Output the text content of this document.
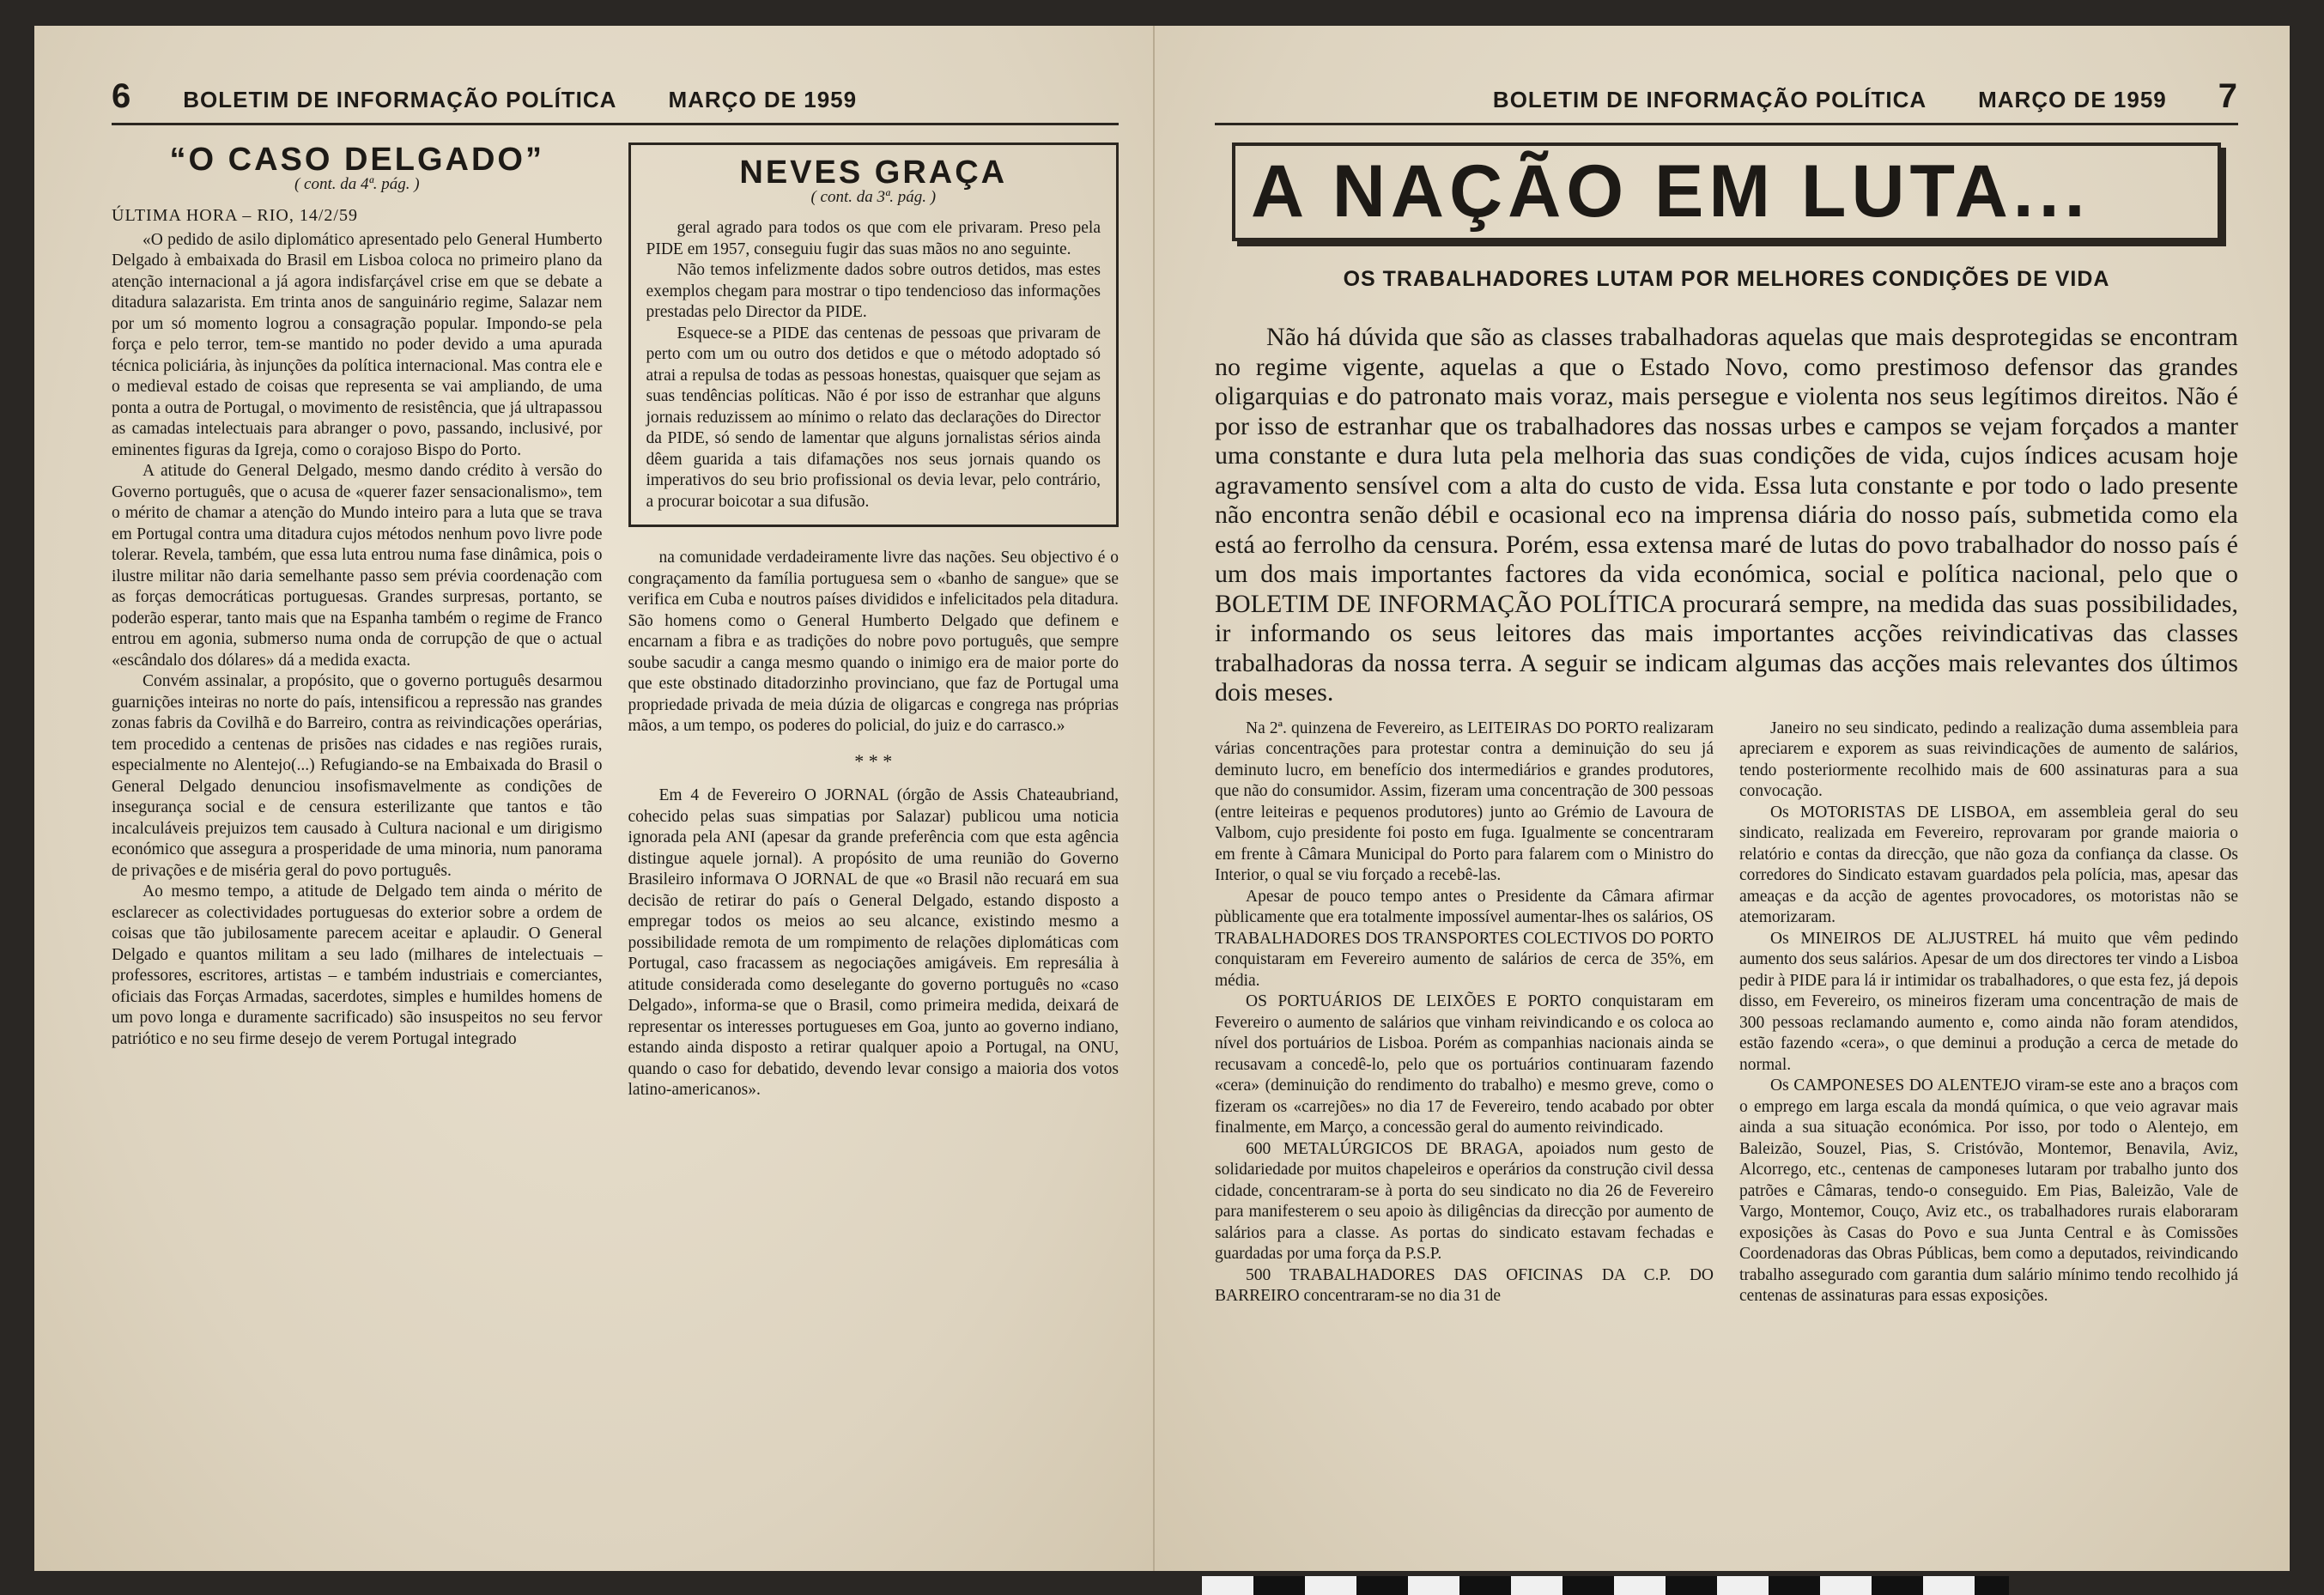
6 BOLETIM DE INFORMAÇÃO POLÍTICA MARÇO DE 1959
“O CASO DELGADO”
( cont. da 4ª. pág. )
ÚLTIMA HORA – RIO, 14/2/59

«O pedido de asilo diplomático apresentado pelo General Humberto Delgado à embaixada do Brasil em Lisboa coloca no primeiro plano da atenção internacional a já agora indisfarçável crise em que se debate a ditadura salazarista. Em trinta anos de sanguinário regime, Salazar nem por um só momento logrou a consagração popular. Impondo-se pela força e pelo terror, tem-se mantido no poder devido a uma apurada técnica policiária, às injunções da política internacional. Mas contra ele e o medieval estado de coisas que representa se vai ampliando, de uma ponta a outra de Portugal, o movimento de resistência, que já ultrapassou as camadas intelectuais para abranger o povo, passando, inclusivé, por eminentes figuras da Igreja, como o corajoso Bispo do Porto.

A atitude do General Delgado, mesmo dando crédito à versão do Governo português, que o acusa de «querer fazer sensacionalismo», tem o mérito de chamar a atenção do Mundo inteiro para a luta que se trava em Portugal contra uma ditadura cujos métodos nenhum povo livre pode tolerar. Revela, também, que essa luta entrou numa fase dinâmica, pois o ilustre militar não daria semelhante passo sem prévia coordenação com as forças democráticas portuguesas. Grandes surpresas, portanto, se poderão esperar, tanto mais que na Espanha também o regime de Franco entrou em agonia, submerso numa onda de corrupção de que o actual «escândalo dos dólares» dá a medida exacta.

Convém assinalar, a propósito, que o governo português desarmou guarnições inteiras no norte do país, intensificou a repressão nas grandes zonas fabris da Covilhã e do Barreiro, contra as reivindicações operárias, tem procedido a centenas de prisões nas cidades e nas regiões rurais, especialmente no Alentejo(...) Refugiando-se na Embaixada do Brasil o General Delgado denunciou insofismavelmente as condições de insegurança social e de censura esterilizante que tantos e tão incalculáveis prejuizos tem causado à Cultura nacional e um dirigismo económico que assegura a prosperidade de uma minoria, num panorama de privações e de miséria geral do povo português.

Ao mesmo tempo, a atitude de Delgado tem ainda o mérito de esclarecer as colectividades portuguesas do exterior sobre a ordem de coisas que tão jubilosamente parecem aceitar e aplaudir. O General Delgado e quantos militam a seu lado (milhares de intelectuais – professores, escritores, artistas – e também industriais e comerciantes, oficiais das Forças Armadas, sacerdotes, simples e humildes homens de um povo longa e duramente sacrificado) são insuspeitos no seu fervor patriótico e no seu firme desejo de verem Portugal integrado

NEVES GRAÇA
( cont. da 3ª. pág. )

geral agrado para todos os que com ele privaram. Preso pela PIDE em 1957, conseguiu fugir das suas mãos no ano seguinte.

Não temos infelizmente dados sobre outros detidos, mas estes exemplos chegam para mostrar o tipo tendencioso das informações prestadas pelo Director da PIDE.

Esquece-se a PIDE das centenas de pessoas que privaram de perto com um ou outro dos detidos e que o método adoptado só atrai a repulsa de todas as pessoas honestas, quaisquer que sejam as suas tendências políticas. Não é por isso de estranhar que alguns jornais reduzissem ao mínimo o relato das declarações do Director da PIDE, só sendo de lamentar que alguns jornalistas sérios ainda dêem guarida a tais difamações nos seus jornais quando os imperativos do seu brio profissional os devia levar, pelo contrário, a procurar boicotar a sua difusão.

na comunidade verdadeiramente livre das nações. Seu objectivo é o congraçamento da família portuguesa sem o «banho de sangue» que se verifica em Cuba e noutros países divididos e infelicitados pela ditadura. São homens como o General Humberto Delgado que definem e encarnam a fibra e as tradições do nobre povo português, que sempre soube sacudir a canga mesmo quando o inimigo era de maior porte do que este obstinado ditadorzinho provinciano, que faz de Portugal uma propriedade privada de meia dúzia de oligarcas e congrega nas próprias mãos, a um tempo, os poderes do policial, do juiz e do carrasco.»

* * *

Em 4 de Fevereiro O JORNAL (órgão de Assis Chateaubriand, cohecido pelas suas simpatias por Salazar) publicou uma noticia ignorada pela ANI (apesar da grande preferência com que esta agência distingue aquele jornal). A propósito de uma reunião do Governo Brasileiro informava O JORNAL de que «o Brasil não recuará em sua decisão de retirar do país o General Delgado, estando disposto a empregar todos os meios ao seu alcance, existindo mesmo a possibilidade remota de um rompimento de relações diplomáticas com Portugal, caso fracassem as negociações amigáveis. Em represália à atitude considerada como deselegante do governo português no «caso Delgado», informa-se que o Brasil, como primeira medida, deixará de representar os interesses portugueses em Goa, junto ao governo indiano, estando ainda disposto a retirar qualquer apoio a Portugal, na ONU, quando o caso for debatido, devendo levar consigo a maioria dos votos latino-americanos».

BOLETIM DE INFORMAÇÃO POLÍTICA MARÇO DE 1959 7
A NAÇÃO EM LUTA...
OS TRABALHADORES LUTAM POR MELHORES CONDIÇÕES DE VIDA

Não há dúvida que são as classes trabalhadoras aquelas que mais desprotegidas se encontram no regime vigente, aquelas a que o Estado Novo, como prestimoso defensor das grandes oligarquias e do patronato mais voraz, mais persegue e violenta nos seus legítimos direitos. Não é por isso de estranhar que os trabalhadores das nossas urbes e campos se vejam forçados a manter uma constante e dura luta pela melhoria das suas condições de vida, cujos índices acusam hoje agravamento sensível com a alta do custo de vida. Essa luta constante e por todo o lado presente não encontra senão débil e ocasional eco na imprensa diária do nosso país, submetida como ela está ao ferrolho da censura. Porém, essa extensa maré de lutas do povo trabalhador do nosso país é um dos mais importantes factores da vida económica, social e política nacional, pelo que o BOLETIM DE INFORMAÇÃO POLÍTICA procurará sempre, na medida das suas possibilidades, ir informando os seus leitores das mais importantes acções reivindicativas das classes trabalhadoras da nossa terra. A seguir se indicam algumas das acções mais relevantes dos últimos dois meses.

Na 2ª. quinzena de Fevereiro, as LEITEIRAS DO PORTO realizaram várias concentrações para protestar contra a deminuição do seu já deminuto lucro, em benefício dos intermediários e grandes produtores, que não do consumidor. Assim, fizeram uma concentração de 300 pessoas (entre leiteiras e pequenos produtores) junto ao Grémio de Lavoura de Valbom, cujo presidente foi posto em fuga. Igualmente se concentraram em frente à Câmara Municipal do Porto para falarem com o Ministro do Interior, o qual se viu forçado a recebê-las.

Apesar de pouco tempo antes o Presidente da Câmara afirmar pùblicamente que era totalmente impossível aumentar-lhes os salários, OS TRABALHADORES DOS TRANSPORTES COLECTIVOS DO PORTO conquistaram em Fevereiro aumento de salários de cerca de 35%, em média.

OS PORTUÁRIOS DE LEIXÕES E PORTO conquistaram em Fevereiro o aumento de salários que vinham reivindicando e os coloca ao nível dos portuários de Lisboa. Porém as companhias nacionais ainda se recusavam a concedê-lo, pelo que os portuários continuaram fazendo «cera» (deminuição do rendimento do trabalho) e mesmo greve, como o fizeram os «carrejões» no dia 17 de Fevereiro, tendo acabado por obter finalmente, em Março, a concessão geral do aumento reivindicado.

600 METALÚRGICOS DE BRAGA, apoiados num gesto de solidariedade por muitos chapeleiros e operários da construção civil dessa cidade, concentraram-se à porta do seu sindicato no dia 26 de Fevereiro para manifesterem o seu apoio às diligências da direcção por aumento de salários para a classe. As portas do sindicato estavam fechadas e guardadas por uma força da P.S.P.

500 TRABALHADORES DAS OFICINAS DA C.P. DO BARREIRO concentraram-se no dia 31 de

Janeiro no seu sindicato, pedindo a realização duma assembleia para apreciarem e exporem as suas reivindicações de aumento de salários, tendo posteriormente recolhido mais de 600 assinaturas para a sua convocação.

Os MOTORISTAS DE LISBOA, em assembleia geral do seu sindicato, realizada em Fevereiro, reprovaram por grande maioria o relatório e contas da direcção, que não goza da confiança da classe. Os corredores do Sindicato estavam guardados pela polícia, mas, apesar das ameaças e da acção de agentes provocadores, os motoristas não se atemorizaram.

Os MINEIROS DE ALJUSTREL há muito que vêm pedindo aumento dos seus salários. Apesar de um dos directores ter vindo a Lisboa pedir à PIDE para lá ir intimidar os trabalhadores, o que esta fez, já depois disso, em Fevereiro, os mineiros fizeram uma concentração de mais de 300 pessoas reclamando aumento e, como ainda não foram atendidos, estão fazendo «cera», o que deminui a produção a cerca de metade do normal.

Os CAMPONESES DO ALENTEJO viram-se este ano a braços com o emprego em larga escala da mondá química, o que veio agravar mais ainda a sua situação económica. Por isso, por todo o Alentejo, em Baleizão, Souzel, Pias, S. Cristóvão, Montemor, Benavila, Aviz, Alcorrego, etc., centenas de camponeses lutaram por trabalho junto dos patrões e Câmaras, tendo-o conseguido. Em Pias, Baleizão, Vale de Vargo, Montemor, Couço, Aviz etc., os trabalhadores rurais elaboraram exposições às Casas do Povo e sua Junta Central e às Comissões Coordenadoras das Obras Públicas, bem como a deputados, reivindicando trabalho assegurado com garantia dum salário mínimo tendo recolhido já centenas de assinaturas para essas exposições.
